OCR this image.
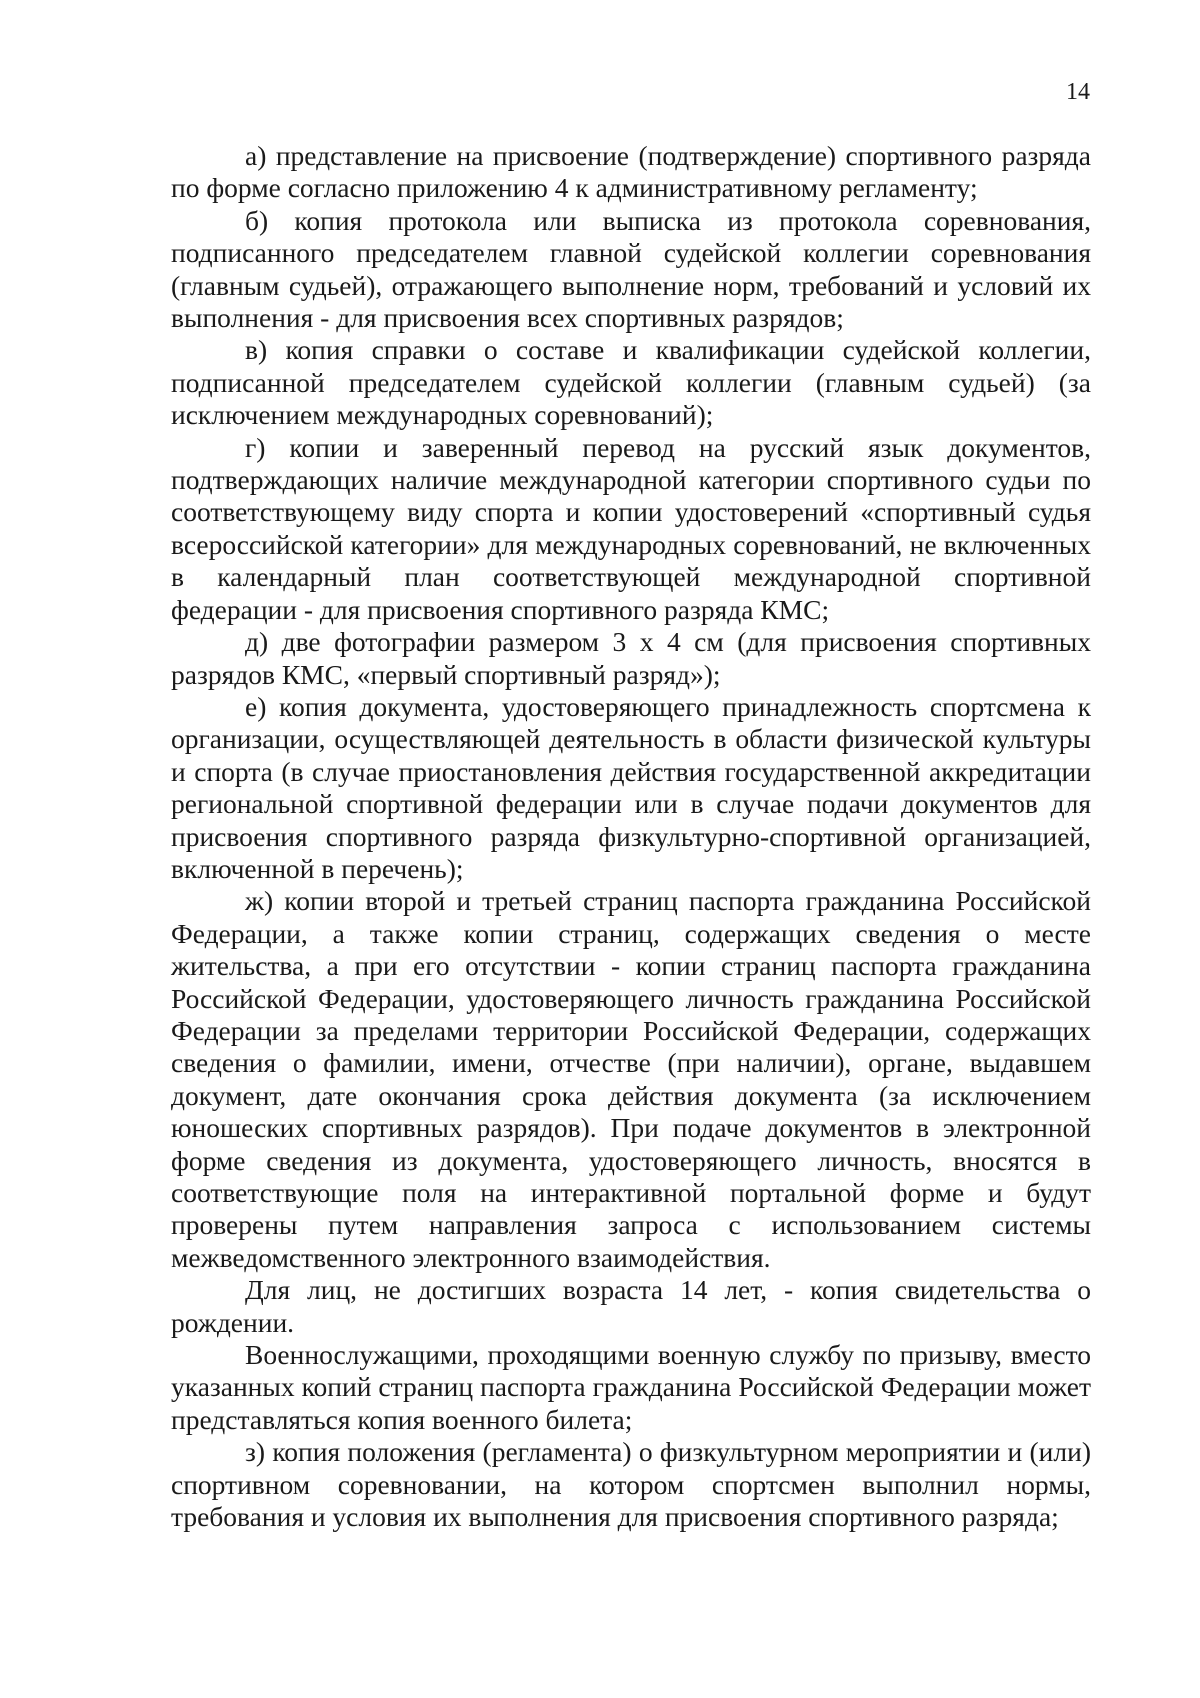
14

а) представление на присвоение (подтверждение) спортивного разряда по форме согласно приложению 4 к административному регламенту;

б) копия протокола или выписка из протокола соревнования, подписанного председателем главной судейской коллегии соревнования (главным судьей), отражающего выполнение норм, требований и условий их выполнения - для присвоения всех спортивных разрядов;

в) копия справки о составе и квалификации судейской коллегии, подписанной председателем судейской коллегии (главным судьей) (за исключением международных соревнований);

г) копии и заверенный перевод на русский язык документов, подтверждающих наличие международной категории спортивного судьи по соответствующему виду спорта и копии удостоверений «спортивный судья всероссийской категории» для международных соревнований, не включенных в календарный план соответствующей международной спортивной федерации - для присвоения спортивного разряда КМС;

д) две фотографии размером 3 х 4 см (для присвоения спортивных разрядов КМС, «первый спортивный разряд»);

е) копия документа, удостоверяющего принадлежность спортсмена к организации, осуществляющей деятельность в области физической культуры и спорта (в случае приостановления действия государственной аккредитации региональной спортивной федерации или в случае подачи документов для присвоения спортивного разряда физкультурно-спортивной организацией, включенной в перечень);

ж) копии второй и третьей страниц паспорта гражданина Российской Федерации, а также копии страниц, содержащих сведения о месте жительства, а при его отсутствии - копии страниц паспорта гражданина Российской Федерации, удостоверяющего личность гражданина Российской Федерации за пределами территории Российской Федерации, содержащих сведения о фамилии, имени, отчестве (при наличии), органе, выдавшем документ, дате окончания срока действия документа (за исключением юношеских спортивных разрядов). При подаче документов в электронной форме сведения из документа, удостоверяющего личность, вносятся в соответствующие поля на интерактивной портальной форме и будут проверены путем направления запроса с использованием системы межведомственного электронного взаимодействия.

Для лиц, не достигших возраста 14 лет, - копия свидетельства о рождении.

Военнослужащими, проходящими военную службу по призыву, вместо указанных копий страниц паспорта гражданина Российской Федерации может представляться копия военного билета;

з) копия положения (регламента) о физкультурном мероприятии и (или) спортивном соревновании, на котором спортсмен выполнил нормы, требования и условия их выполнения для присвоения спортивного разряда;
